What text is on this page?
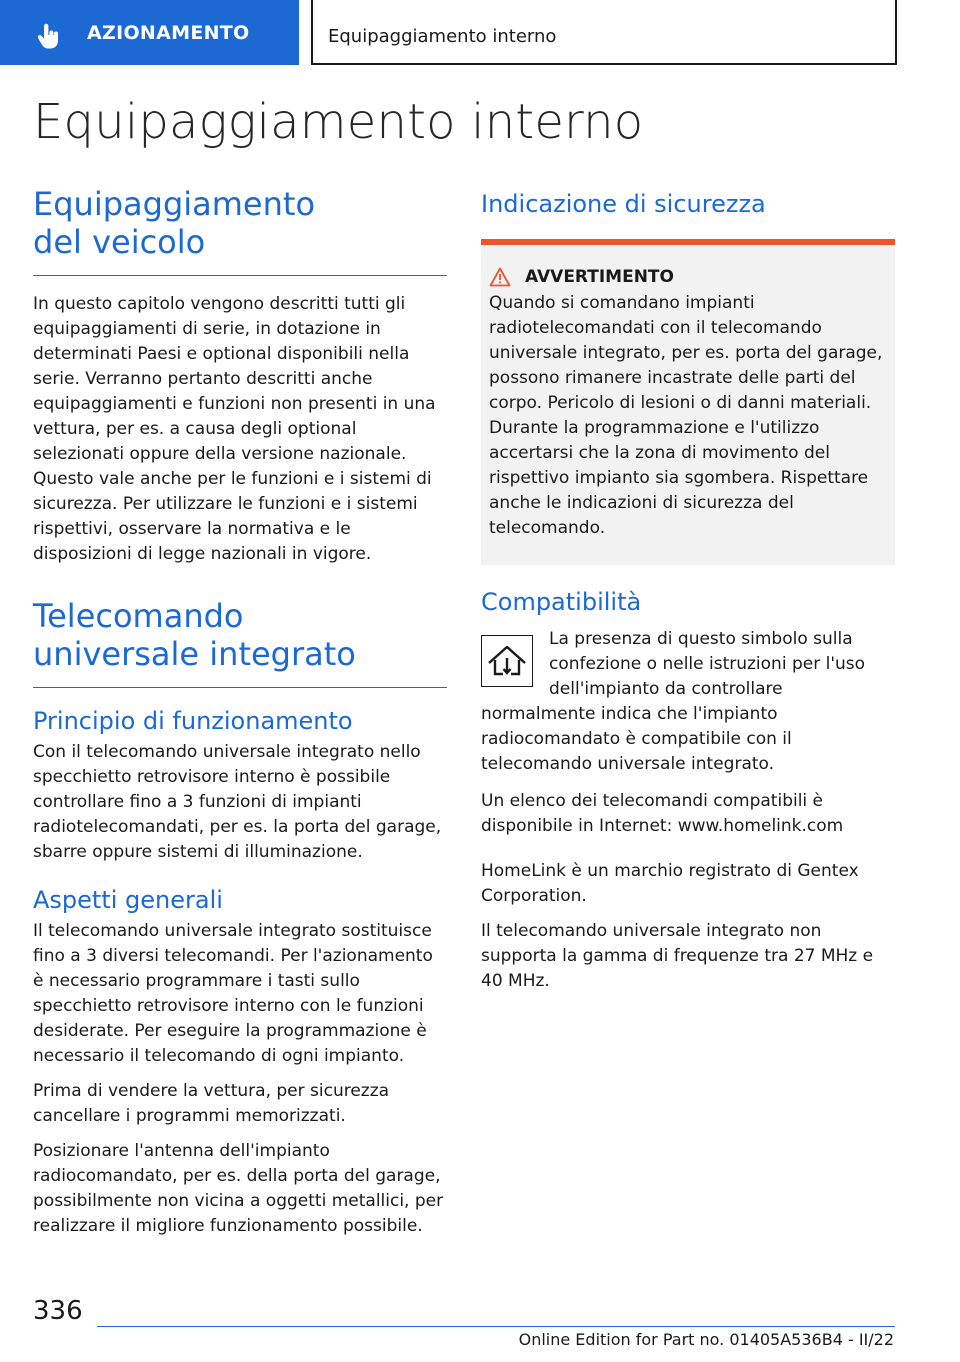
AZIONAMENTO	Equipaggiamento interno
Equipaggiamento interno
Equipaggiamento del veicolo

In questo capitolo vengono descritti tutti gli equipaggiamenti di serie, in dotazione in determinati Paesi e optional disponibili nella serie. Verranno pertanto descritti anche equipaggiamenti e funzioni non presenti in una vettura, per es. a causa degli optional selezionati oppure della versione nazionale. Questo vale anche per le funzioni e i sistemi di sicurezza. Per utilizzare le funzioni e i sistemi rispettivi, osservare la normativa e le disposizioni di legge nazionali in vigore.

Telecomando universale integrato
Principio di funzionamento

Con il telecomando universale integrato nello specchietto retrovisore interno è possibile controllare fino a 3 funzioni di impianti radiotelecomandati, per es. la porta del garage, sbarre oppure sistemi di illuminazione.

Aspetti generali

Il telecomando universale integrato sostituisce fino a 3 diversi telecomandi. Per l'azionamento è necessario programmare i tasti sullo specchietto retrovisore interno con le funzioni desiderate. Per eseguire la programmazione è necessario il telecomando di ogni impianto.

Prima di vendere la vettura, per sicurezza cancellare i programmi memorizzati.

Posizionare l'antenna dell'impianto radiocomandato, per es. della porta del garage, possibilmente non vicina a oggetti metallici, per realizzare il migliore funzionamento possibile.

Indicazione di sicurezza
AVVERTIMENTO

Quando si comandano impianti radiotelecomandati con il telecomando universale integrato, per es. porta del garage, possono rimanere incastrate delle parti del corpo. Pericolo di lesioni o di danni materiali. Durante la programmazione e l'utilizzo accertarsi che la zona di movimento del rispettivo impianto sia sgombera. Rispettare anche le indicazioni di sicurezza del telecomando.

Compatibilità

La presenza di questo simbolo sulla confezione o nelle istruzioni per l'uso dell'impianto da controllare normalmente indica che l'impianto radiocomandato è compatibile con il telecomando universale integrato.

Un elenco dei telecomandi compatibili è disponibile in Internet: www.homelink.com

HomeLink è un marchio registrato di Gentex Corporation.

Il telecomando universale integrato non supporta la gamma di frequenze tra 27 MHz e 40 MHz.

336
Online Edition for Part no. 01405A536B4 - II/22
